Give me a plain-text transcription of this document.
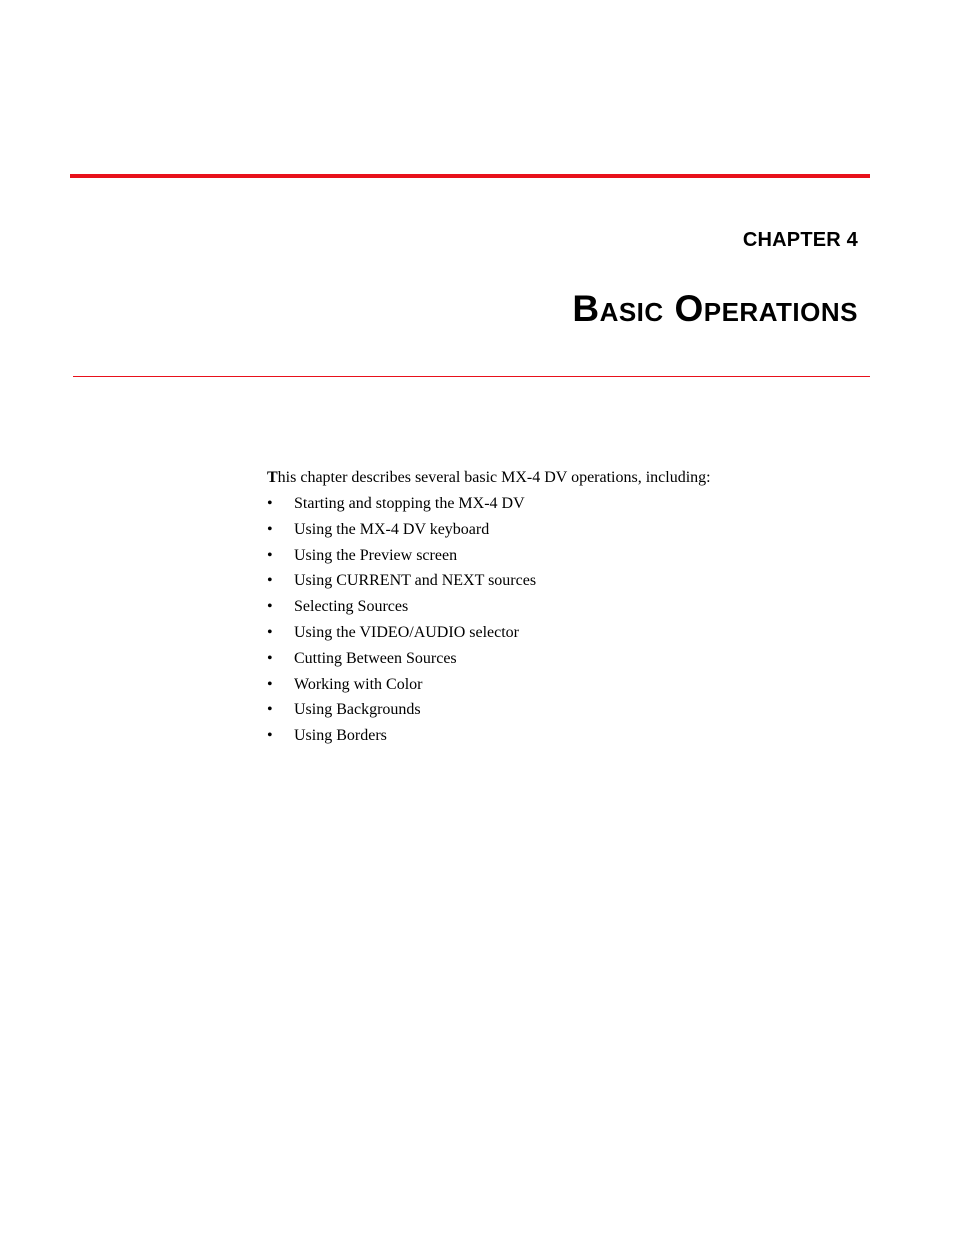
CHAPTER 4
Basic Operations

This chapter describes several basic MX-4 DV operations, including:

• Starting and stopping the MX-4 DV
• Using the MX-4 DV keyboard
• Using the Preview screen
• Using CURRENT and NEXT sources
• Selecting Sources
• Using the VIDEO/AUDIO selector
• Cutting Between Sources
• Working with Color
• Using Backgrounds
• Using Borders
